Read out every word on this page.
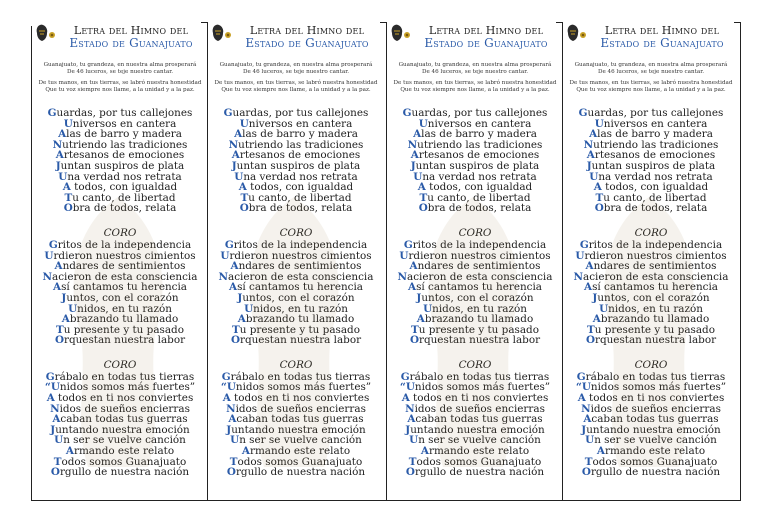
Letra del Himno del
Estado de Guanajuato
Guanajuato, tu grandeza, en nuestra alma prosperará
De 46 luceros, se teje nuestro cantar.
De tus manos, en tus tierras, se labró nuestra honestidad
Que tu voz siempre nos llame, a la unidad y a la paz.
Guardas, por tus callejones
Universos en cantera
Alas de barro y madera
Nutriendo las tradiciones
Artesanos de emociones
Juntan suspiros de plata
Una verdad nos retrata
A todos, con igualdad
Tu canto, de libertad
Obra de todos, relata
CORO
Gritos de la independencia
Urdieron nuestros cimientos
Andares de sentimientos
Nacieron de esta consciencia
Así cantamos tu herencia
Juntos, con el corazón
Unidos, en tu razón
Abrazando tu llamado
Tu presente y tu pasado
Orquestan nuestra labor
CORO
Grábalo en todas tus tierras
“Unidos somos más fuertes”
A todos en ti nos conviertes
Nidos de sueños encierras
Acaban todas tus guerras
Juntando nuestra emoción
Un ser se vuelve canción
Armando este relato
Todos somos Guanajuato
Orgullo de nuestra nación
Letra del Himno del
Estado de Guanajuato
Guanajuato, tu grandeza, en nuestra alma prosperará
De 46 luceros, se teje nuestro cantar.
De tus manos, en tus tierras, se labró nuestra honestidad
Que tu voz siempre nos llame, a la unidad y a la paz.
Guardas, por tus callejones
Universos en cantera
Alas de barro y madera
Nutriendo las tradiciones
Artesanos de emociones
Juntan suspiros de plata
Una verdad nos retrata
A todos, con igualdad
Tu canto, de libertad
Obra de todos, relata
CORO
Gritos de la independencia
Urdieron nuestros cimientos
Andares de sentimientos
Nacieron de esta consciencia
Así cantamos tu herencia
Juntos, con el corazón
Unidos, en tu razón
Abrazando tu llamado
Tu presente y tu pasado
Orquestan nuestra labor
CORO
Grábalo en todas tus tierras
“Unidos somos más fuertes”
A todos en ti nos conviertes
Nidos de sueños encierras
Acaban todas tus guerras
Juntando nuestra emoción
Un ser se vuelve canción
Armando este relato
Todos somos Guanajuato
Orgullo de nuestra nación
Letra del Himno del
Estado de Guanajuato
Guanajuato, tu grandeza, en nuestra alma prosperará
De 46 luceros, se teje nuestro cantar.
De tus manos, en tus tierras, se labró nuestra honestidad
Que tu voz siempre nos llame, a la unidad y a la paz.
Guardas, por tus callejones
Universos en cantera
Alas de barro y madera
Nutriendo las tradiciones
Artesanos de emociones
Juntan suspiros de plata
Una verdad nos retrata
A todos, con igualdad
Tu canto, de libertad
Obra de todos, relata
CORO
Gritos de la independencia
Urdieron nuestros cimientos
Andares de sentimientos
Nacieron de esta consciencia
Así cantamos tu herencia
Juntos, con el corazón
Unidos, en tu razón
Abrazando tu llamado
Tu presente y tu pasado
Orquestan nuestra labor
CORO
Grábalo en todas tus tierras
“Unidos somos más fuertes”
A todos en ti nos conviertes
Nidos de sueños encierras
Acaban todas tus guerras
Juntando nuestra emoción
Un ser se vuelve canción
Armando este relato
Todos somos Guanajuato
Orgullo de nuestra nación
Letra del Himno del
Estado de Guanajuato
Guanajuato, tu grandeza, en nuestra alma prosperará
De 46 luceros, se teje nuestro cantar.
De tus manos, en tus tierras, se labró nuestra honestidad
Que tu voz siempre nos llame, a la unidad y a la paz.
Guardas, por tus callejones
Universos en cantera
Alas de barro y madera
Nutriendo las tradiciones
Artesanos de emociones
Juntan suspiros de plata
Una verdad nos retrata
A todos, con igualdad
Tu canto, de libertad
Obra de todos, relata
CORO
Gritos de la independencia
Urdieron nuestros cimientos
Andares de sentimientos
Nacieron de esta consciencia
Así cantamos tu herencia
Juntos, con el corazón
Unidos, en tu razón
Abrazando tu llamado
Tu presente y tu pasado
Orquestan nuestra labor
CORO
Grábalo en todas tus tierras
“Unidos somos más fuertes”
A todos en ti nos conviertes
Nidos de sueños encierras
Acaban todas tus guerras
Juntando nuestra emoción
Un ser se vuelve canción
Armando este relato
Todos somos Guanajuato
Orgullo de nuestra nación
